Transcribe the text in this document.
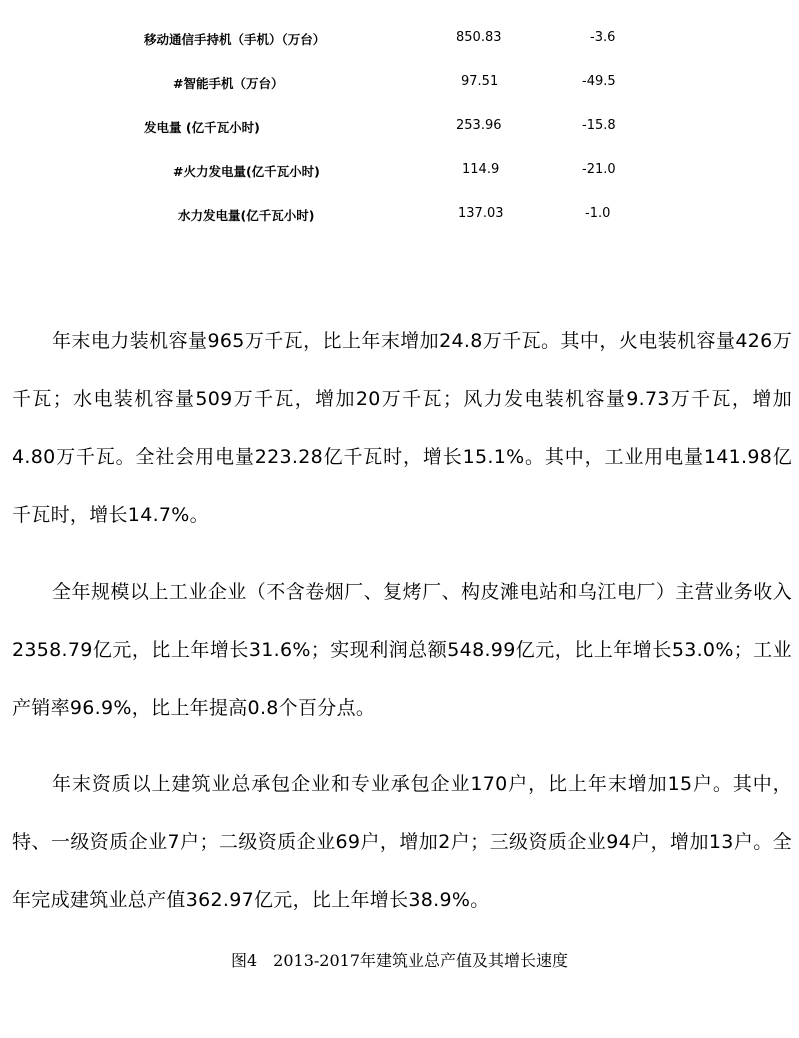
移动通信手持机（手机）（万台）	850.83	-3.6
#智能手机（万台）	97.51	-49.5
发电量 (亿千瓦小时)	253.96	-15.8
#火力发电量(亿千瓦小时)	114.9	-21.0
水力发电量(亿千瓦小时)	137.03	-1.0

年末电力装机容量965万千瓦，比上年末增加24.8万千瓦。其中，火电装机容量426万千瓦；水电装机容量509万千瓦，增加20万千瓦；风力发电装机容量9.73万千瓦，增加4.80万千瓦。全社会用电量223.28亿千瓦时，增长15.1%。其中，工业用电量141.98亿千瓦时，增长14.7%。

全年规模以上工业企业（不含卷烟厂、复烤厂、构皮滩电站和乌江电厂）主营业务收入2358.79亿元，比上年增长31.6%；实现利润总额548.99亿元，比上年增长53.0%；工业产销率96.9%，比上年提高0.8个百分点。

年末资质以上建筑业总承包企业和专业承包企业170户，比上年末增加15户。其中，特、一级资质企业7户；二级资质企业69户，增加2户；三级资质企业94户，增加13户。全年完成建筑业总产值362.97亿元，比上年增长38.9%。

图4　2013-2017年建筑业总产值及其增长速度
